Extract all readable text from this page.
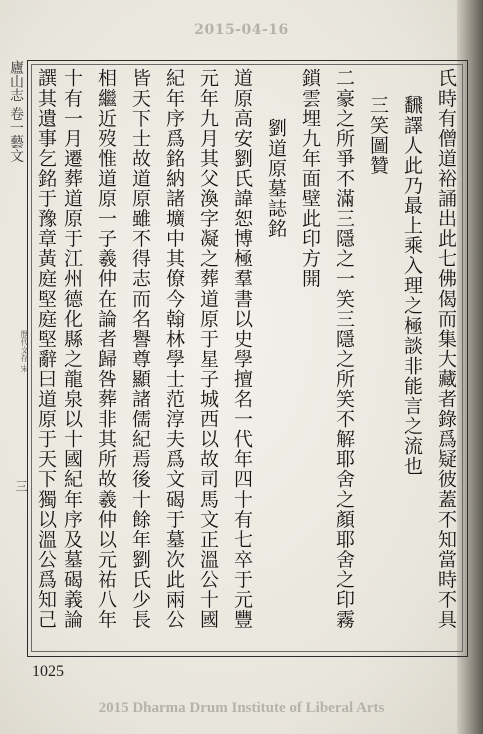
2015-04-16
廬山志 卷一藝文
歷代文存 宋
三	氏時有僧道裕誦出此七佛偈而集大藏者錄爲疑彼蓋不知當時不具
飜譯人此乃最上乘入理之極談非能言之流也
三笑圖贊
二豪之所爭不滿三隱之一笑三隱之所笑不解耶舍之顏耶舍之印霧
鎖雲埋九年面壁此印方開
劉道原墓誌銘
道原高安劉氏諱恕博極羣書以史學擅名一代年四十有七卒于元豐
元年九月其父渙字凝之葬道原于星子城西以故司馬文正溫公十國
紀年序爲銘納諸壙中其僚今翰林學士范淳夫爲文碣于墓次此兩公
皆天下士故道原雖不得志而名譽尊顯諸儒紀焉後十餘年劉氏少長
相繼近歿惟道原一子羲仲在論者歸咎葬非其所故羲仲以元祐八年
十有一月遷葬道原于江州德化縣之龍泉以十國紀年序及墓碣義論
譔其遺事乞銘于豫章黃庭堅庭堅辭曰道原于天下獨以溫公爲知己
1025
2015 Dharma Drum Institute of Liberal Arts
